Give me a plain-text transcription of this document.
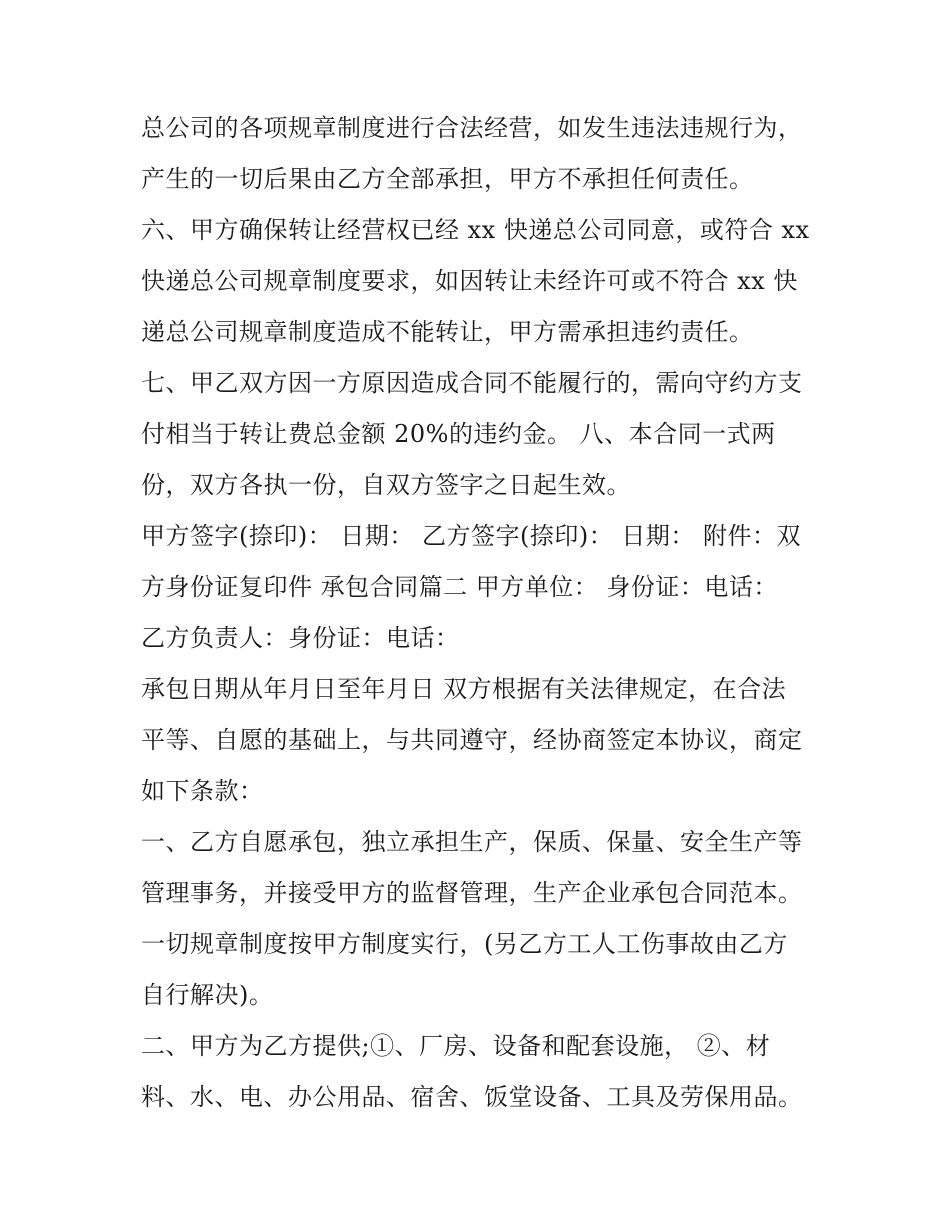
总公司的各项规章制度进行合法经营，如发生违法违规行为，
产生的一切后果由乙方全部承担，甲方不承担任何责任。
六、甲方确保转让经营权已经 xx 快递总公司同意，或符合 xx
快递总公司规章制度要求，如因转让未经许可或不符合 xx 快
递总公司规章制度造成不能转让，甲方需承担违约责任。
七、甲乙双方因一方原因造成合同不能履行的，需向守约方支
付相当于转让费总金额 20%的违约金。 八、本合同一式两
份，双方各执一份，自双方签字之日起生效。
甲方签字(捺印)： 日期： 乙方签字(捺印)： 日期： 附件：双
方身份证复印件 承包合同篇二 甲方单位： 身份证：电话：
乙方负责人：身份证：电话：
承包日期从年月日至年月日 双方根据有关法律规定，在合法
平等、自愿的基础上，与共同遵守，经协商签定本协议，商定
如下条款：
一、乙方自愿承包，独立承担生产，保质、保量、安全生产等
管理事务，并接受甲方的监督管理，生产企业承包合同范本。
一切规章制度按甲方制度实行，(另乙方工人工伤事故由乙方
自行解决)。
二、甲方为乙方提供;①、厂房、设备和配套设施， ②、材
料、水、电、办公用品、宿舍、饭堂设备、工具及劳保用品。
